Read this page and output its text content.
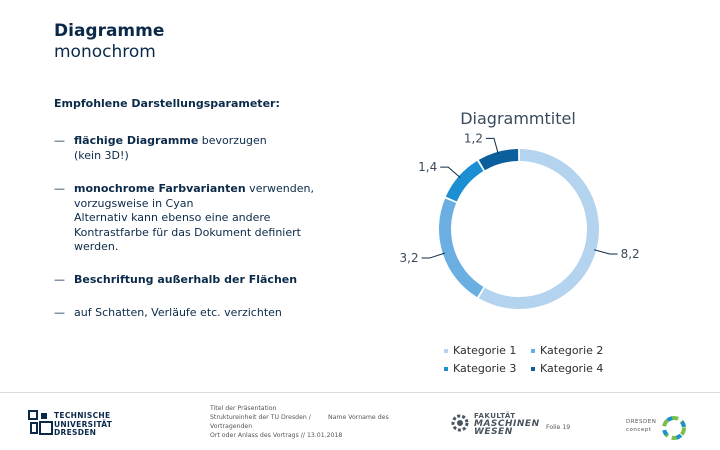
Diagramme
monochrom
Empfohlene Darstellungsparameter:
— flächige Diagramme bevorzugen
(kein 3D!)
— monochrome Farbvarianten verwenden,
vorzugsweise in Cyan
Alternativ kann ebenso eine andere
Kontrastfarbe für das Dokument definiert
werden.
— Beschriftung außerhalb der Flächen
— auf Schatten, Verläufe etc. verzichten
Diagrammtitel
8,2
3,2
1,4
1,2
Kategorie 1	Kategorie 2
Kategorie 3	Kategorie 4
TECHNISCHE
UNIVERSITÄT
DRESDEN
Titel der Präsentation
Struktureinheit der TU Dresden /	Name Vorname des
Vortragenden
Ort oder Anlass des Vortrags // 13.01.2018
FAKULTÄT
MASCHINEN
WESEN	Folie 19
DRESDEN
concept
